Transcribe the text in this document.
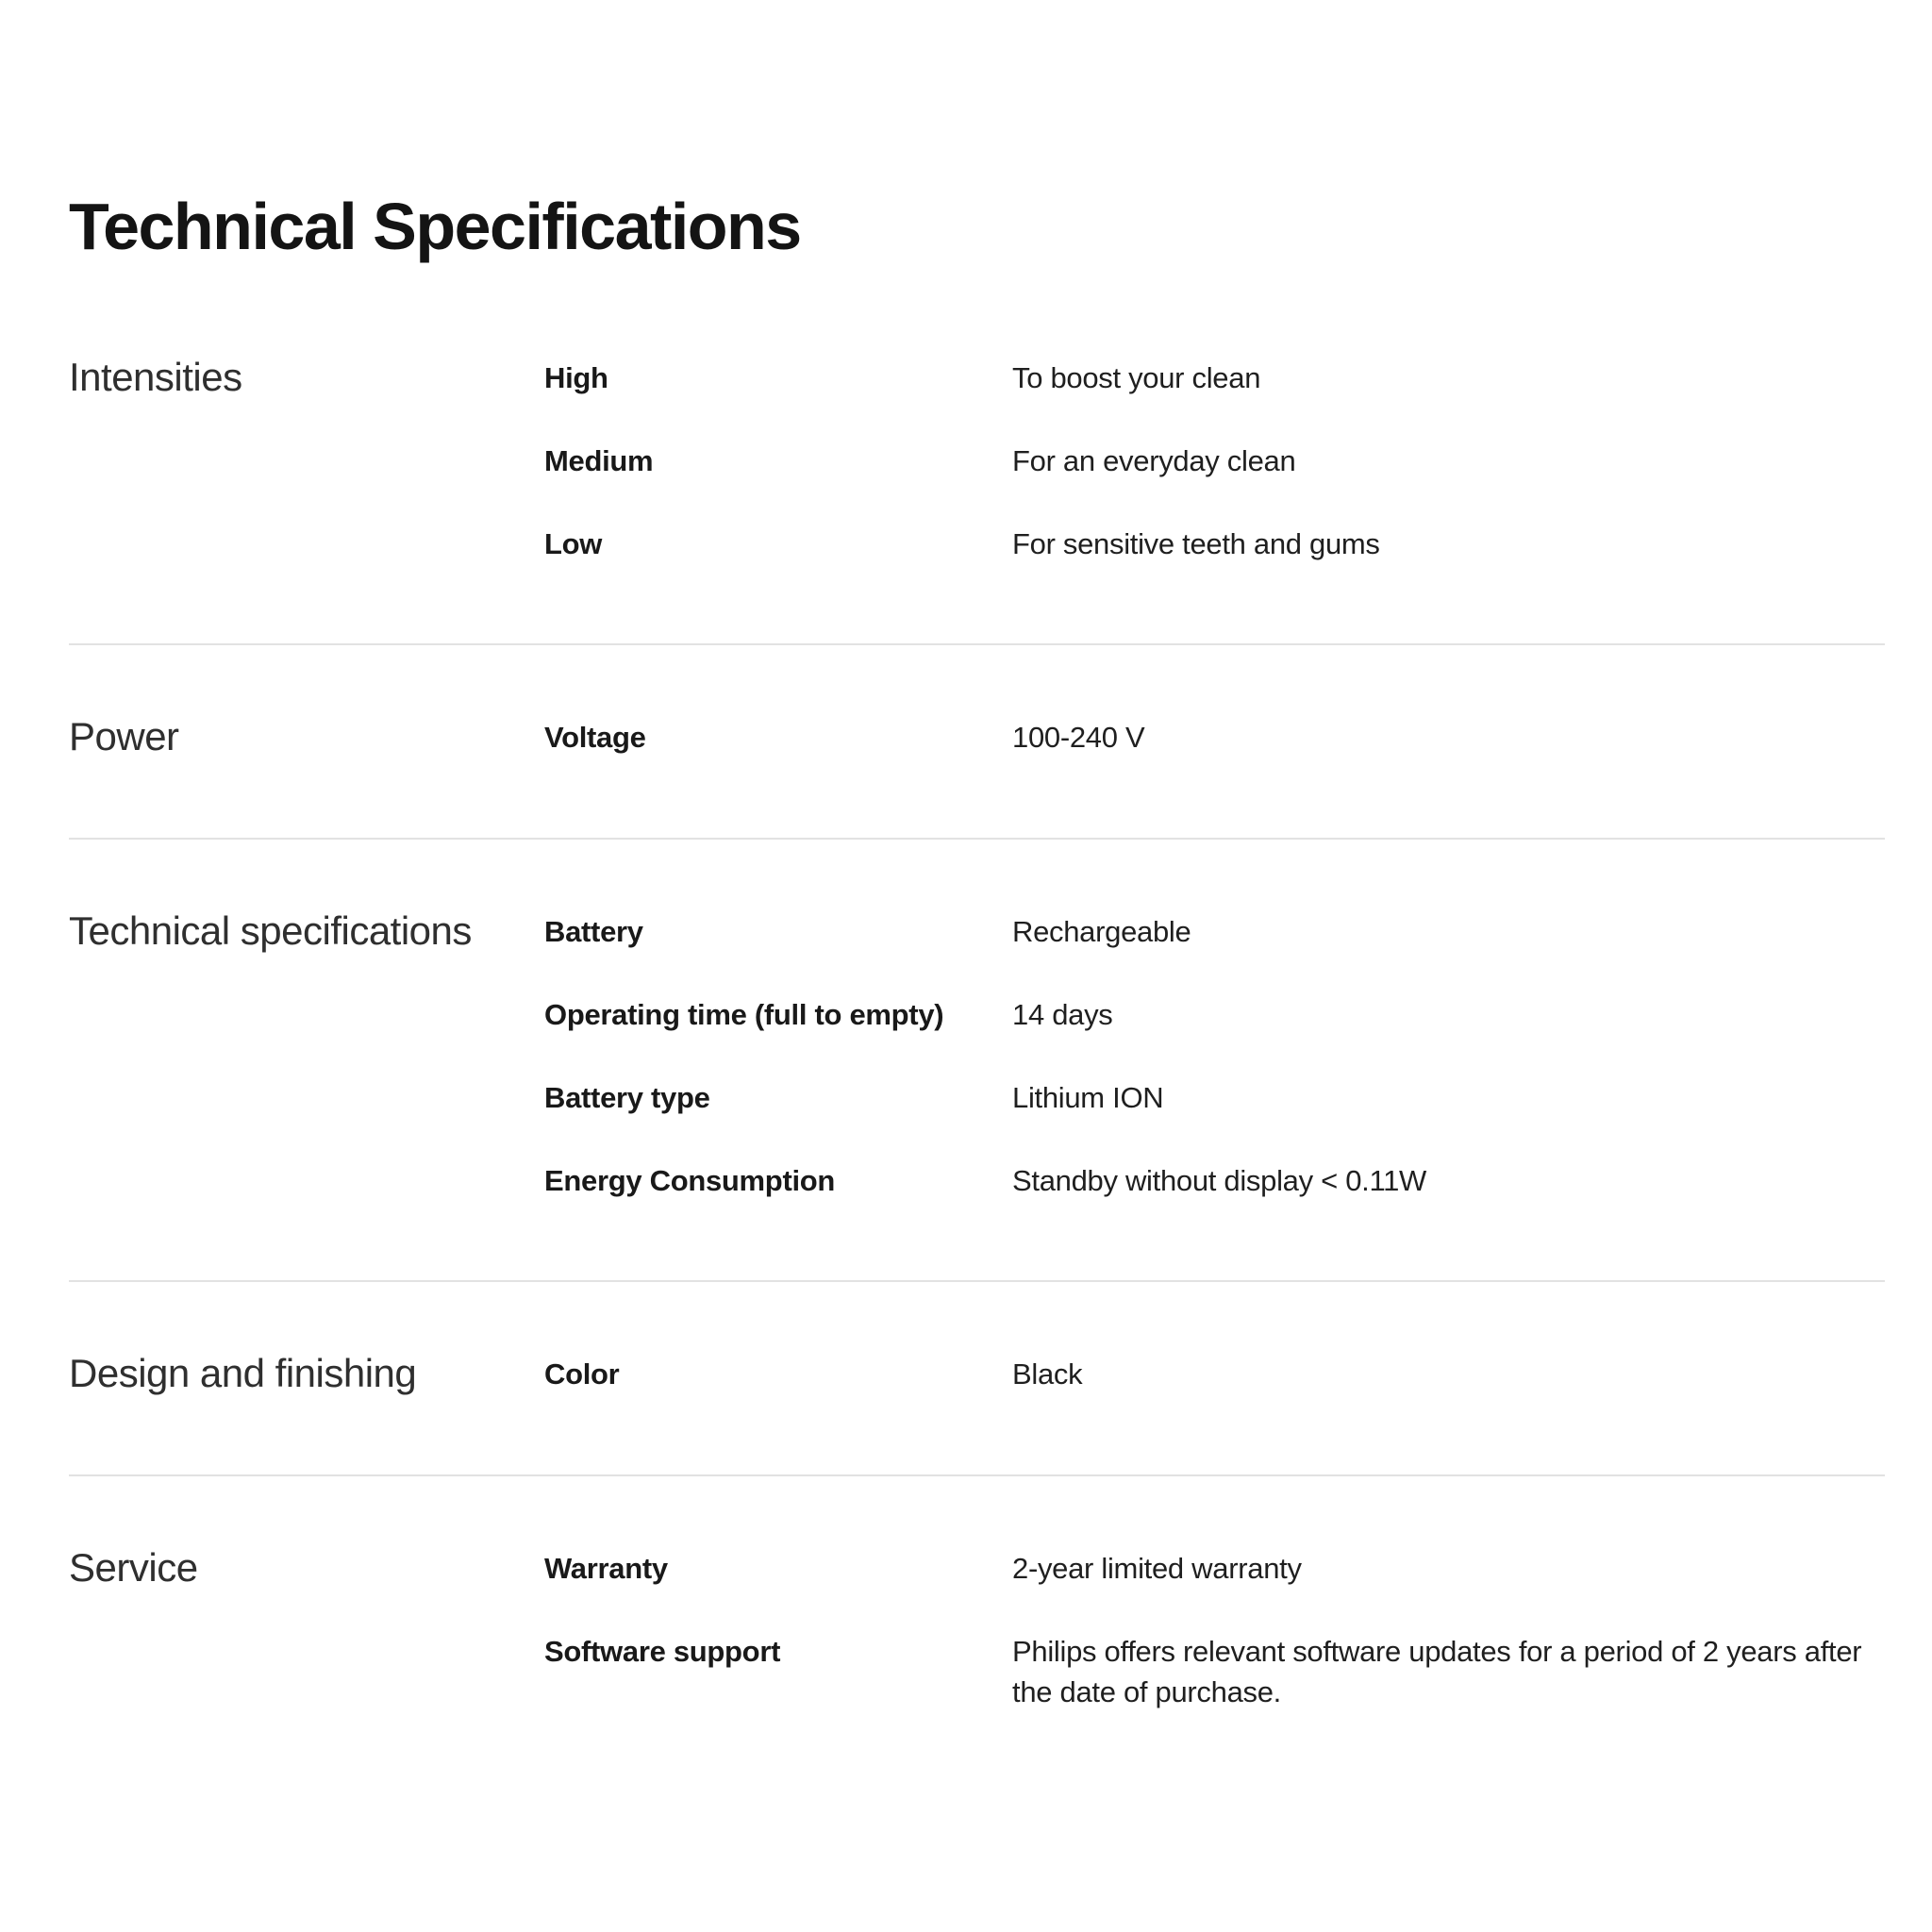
Technical Specifications
Intensities	High	To boost your clean
Medium	For an everyday clean
Low	For sensitive teeth and gums
Power	Voltage	100-240 V
Technical specifications	Battery	Rechargeable
Operating time (full to empty)	14 days
Battery type	Lithium ION
Energy Consumption	Standby without display < 0.11W
Design and finishing	Color	Black
Service	Warranty	2-year limited warranty
Software support	Philips offers relevant software updates for a period of 2 years after the date of purchase.
